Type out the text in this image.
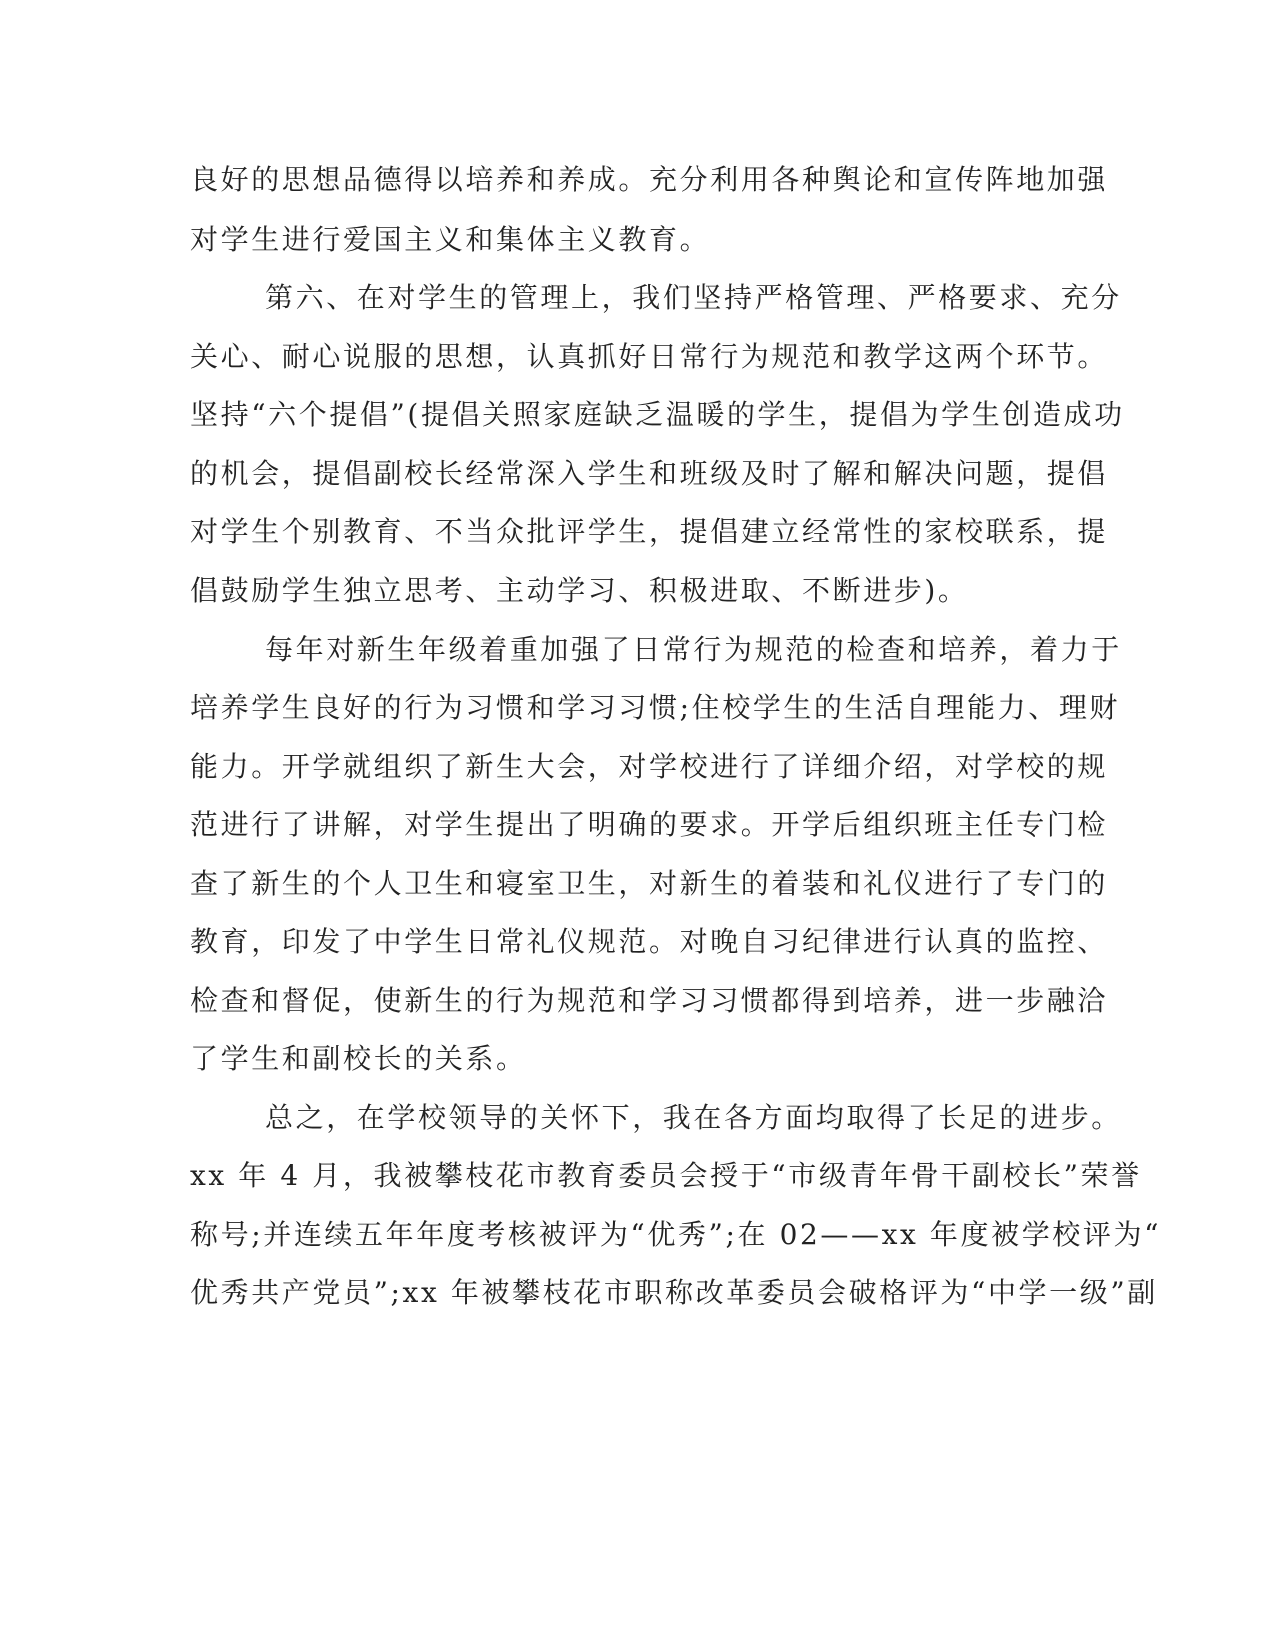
良好的思想品德得以培养和养成。充分利用各种舆论和宣传阵地加强
对学生进行爱国主义和集体主义教育。
第六、在对学生的管理上，我们坚持严格管理、严格要求、充分
关心、耐心说服的思想，认真抓好日常行为规范和教学这两个环节。
坚持“六个提倡”(提倡关照家庭缺乏温暖的学生，提倡为学生创造成功
的机会，提倡副校长经常深入学生和班级及时了解和解决问题，提倡
对学生个别教育、不当众批评学生，提倡建立经常性的家校联系，提
倡鼓励学生独立思考、主动学习、积极进取、不断进步)。
每年对新生年级着重加强了日常行为规范的检查和培养，着力于
培养学生良好的行为习惯和学习习惯;住校学生的生活自理能力、理财
能力。开学就组织了新生大会，对学校进行了详细介绍，对学校的规
范进行了讲解，对学生提出了明确的要求。开学后组织班主任专门检
查了新生的个人卫生和寝室卫生，对新生的着装和礼仪进行了专门的
教育，印发了中学生日常礼仪规范。对晚自习纪律进行认真的监控、
检查和督促，使新生的行为规范和学习习惯都得到培养，进一步融洽
了学生和副校长的关系。
总之，在学校领导的关怀下，我在各方面均取得了长足的进步。
xx 年 4 月，我被攀枝花市教育委员会授于“市级青年骨干副校长”荣誉
称号;并连续五年年度考核被评为“优秀”;在 02——xx 年度被学校评为“
优秀共产党员”;xx 年被攀枝花市职称改革委员会破格评为“中学一级”副
